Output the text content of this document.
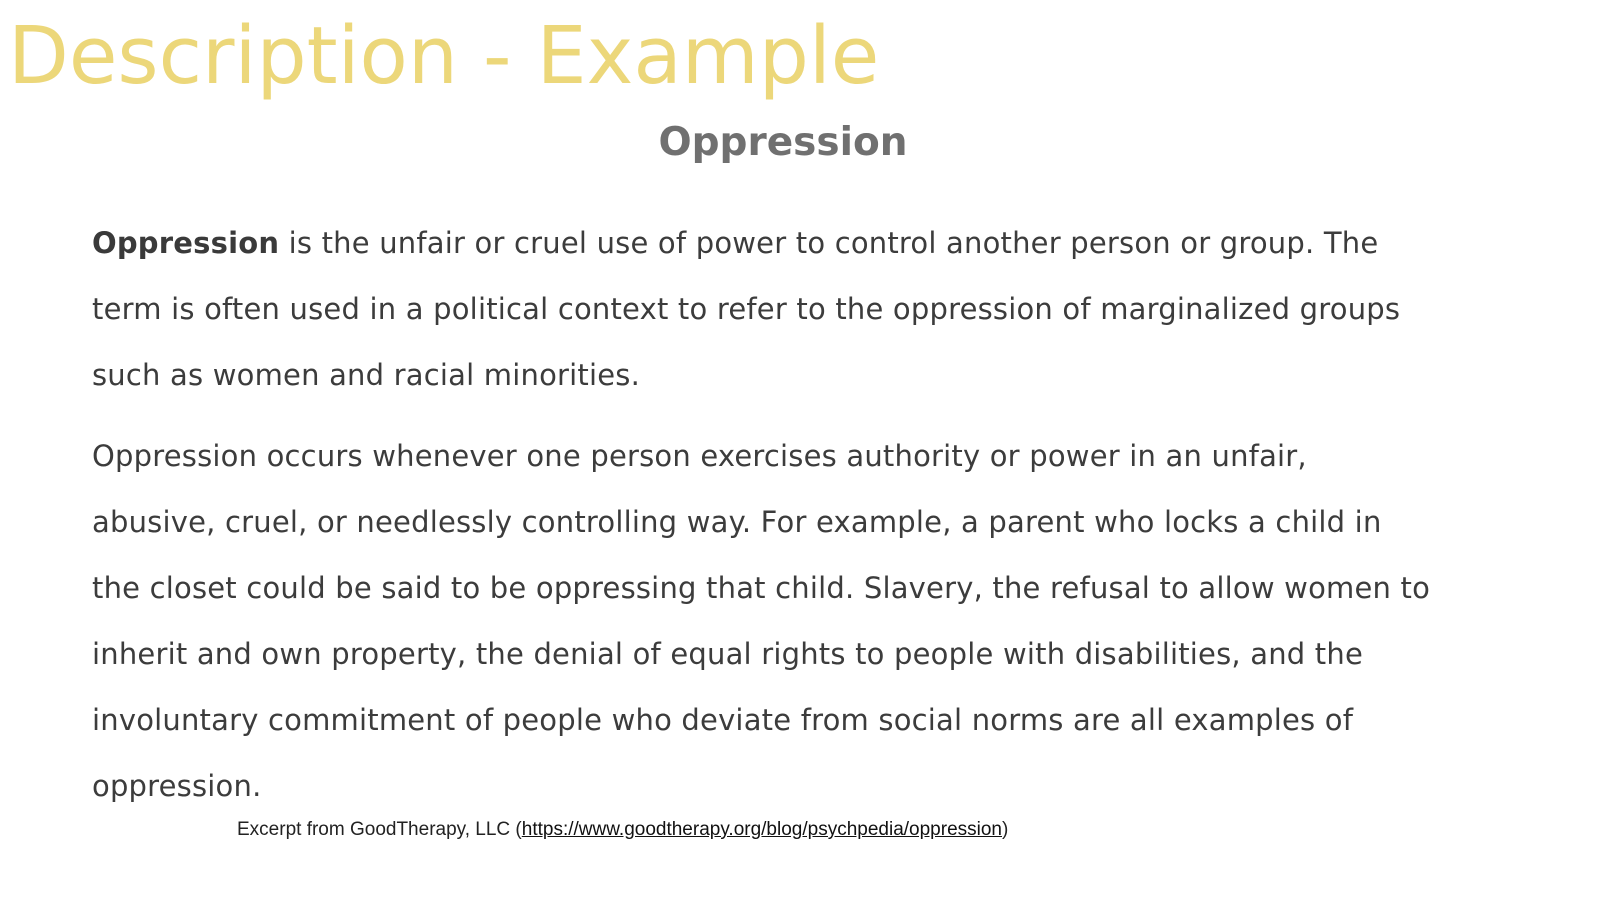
Description - Example
Oppression

Oppression is the unfair or cruel use of power to control another person or group. The term is often used in a political context to refer to the oppression of marginalized groups such as women and racial minorities.

Oppression occurs whenever one person exercises authority or power in an unfair, abusive, cruel, or needlessly controlling way. For example, a parent who locks a child in the closet could be said to be oppressing that child. Slavery, the refusal to allow women to inherit and own property, the denial of equal rights to people with disabilities, and the involuntary commitment of people who deviate from social norms are all examples of oppression.

Excerpt from GoodTherapy, LLC (https://www.goodtherapy.org/blog/psychpedia/oppression)
